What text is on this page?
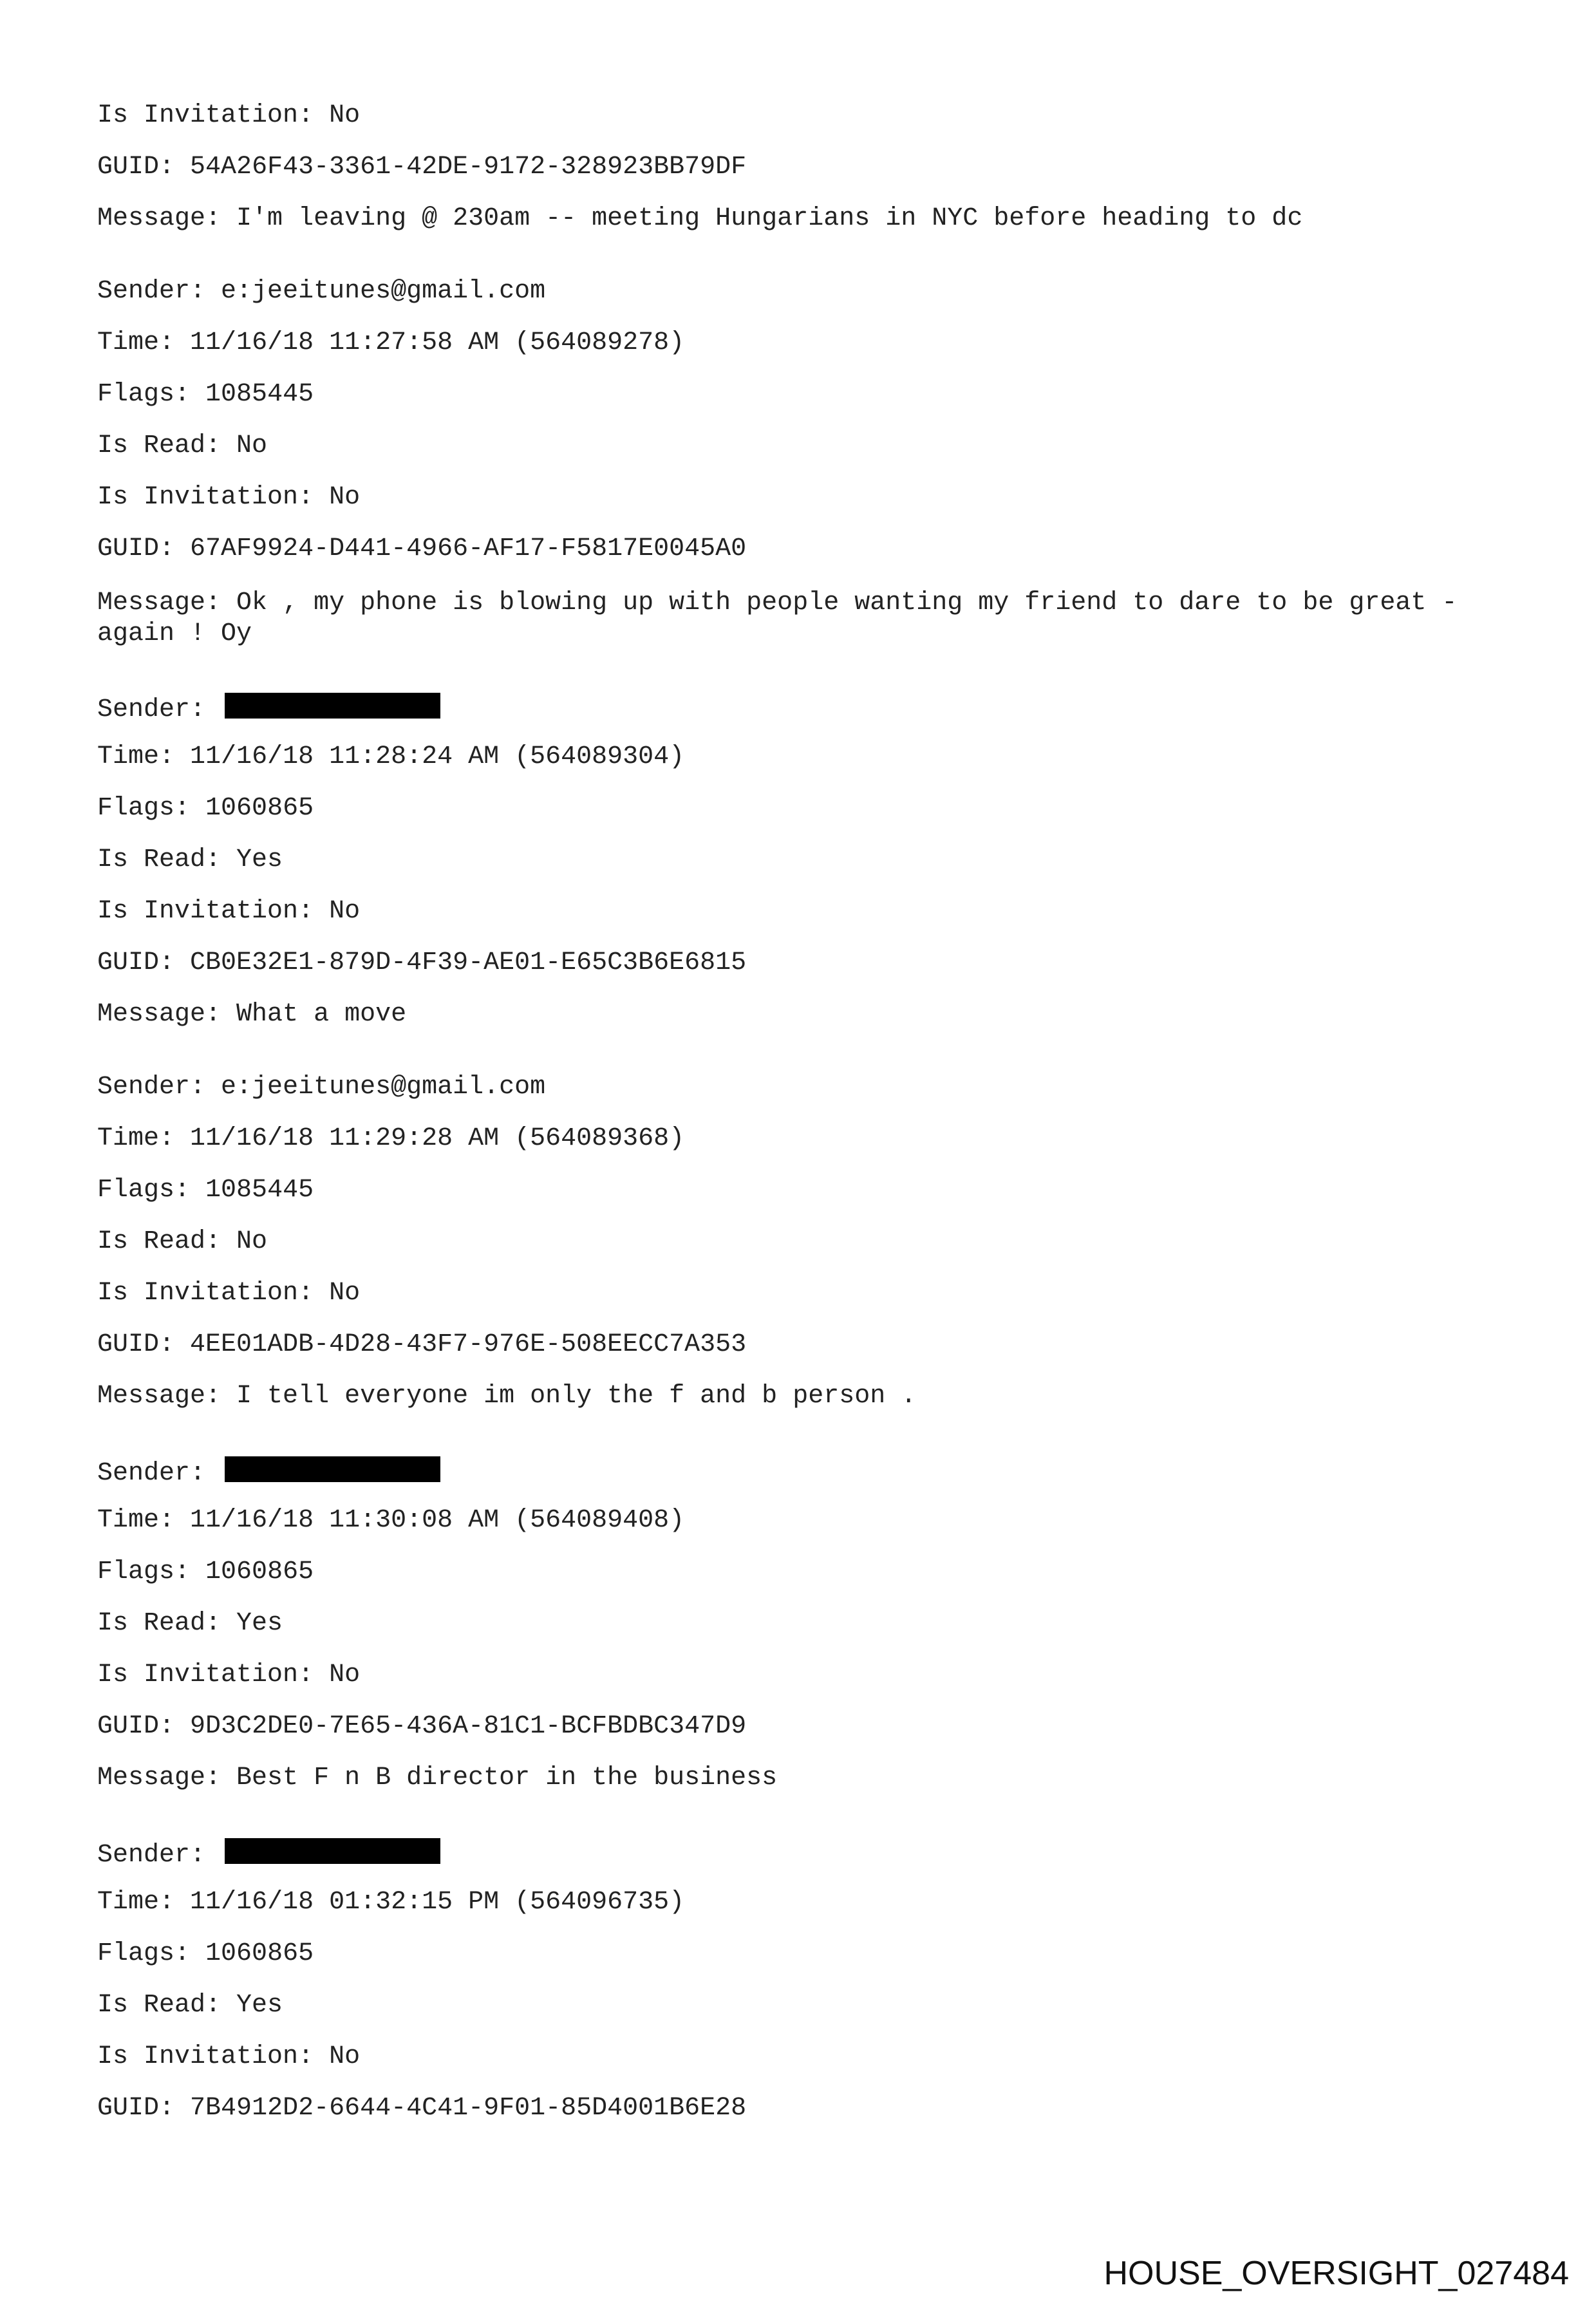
Is Invitation: No
GUID: 54A26F43-3361-42DE-9172-328923BB79DF
Message: I'm leaving @ 230am -- meeting Hungarians in NYC before heading to dc
Sender: e:jeeitunes@gmail.com
Time: 11/16/18 11:27:58 AM (564089278)
Flags: 1085445
Is Read: No
Is Invitation: No
GUID: 67AF9924-D441-4966-AF17-F5817E0045A0
Message: Ok , my phone is blowing up with people wanting my friend to dare to be great - again ! Oy
Sender:
Time: 11/16/18 11:28:24 AM (564089304)
Flags: 1060865
Is Read: Yes
Is Invitation: No
GUID: CB0E32E1-879D-4F39-AE01-E65C3B6E6815
Message: What a move
Sender: e:jeeitunes@gmail.com
Time: 11/16/18 11:29:28 AM (564089368)
Flags: 1085445
Is Read: No
Is Invitation: No
GUID: 4EE01ADB-4D28-43F7-976E-508EECC7A353
Message: I tell everyone im only the f and b person .
Sender:
Time: 11/16/18 11:30:08 AM (564089408)
Flags: 1060865
Is Read: Yes
Is Invitation: No
GUID: 9D3C2DE0-7E65-436A-81C1-BCFBDBC347D9
Message: Best F n B director in the business
Sender:
Time: 11/16/18 01:32:15 PM (564096735)
Flags: 1060865
Is Read: Yes
Is Invitation: No
GUID: 7B4912D2-6644-4C41-9F01-85D4001B6E28
HOUSE_OVERSIGHT_027484
